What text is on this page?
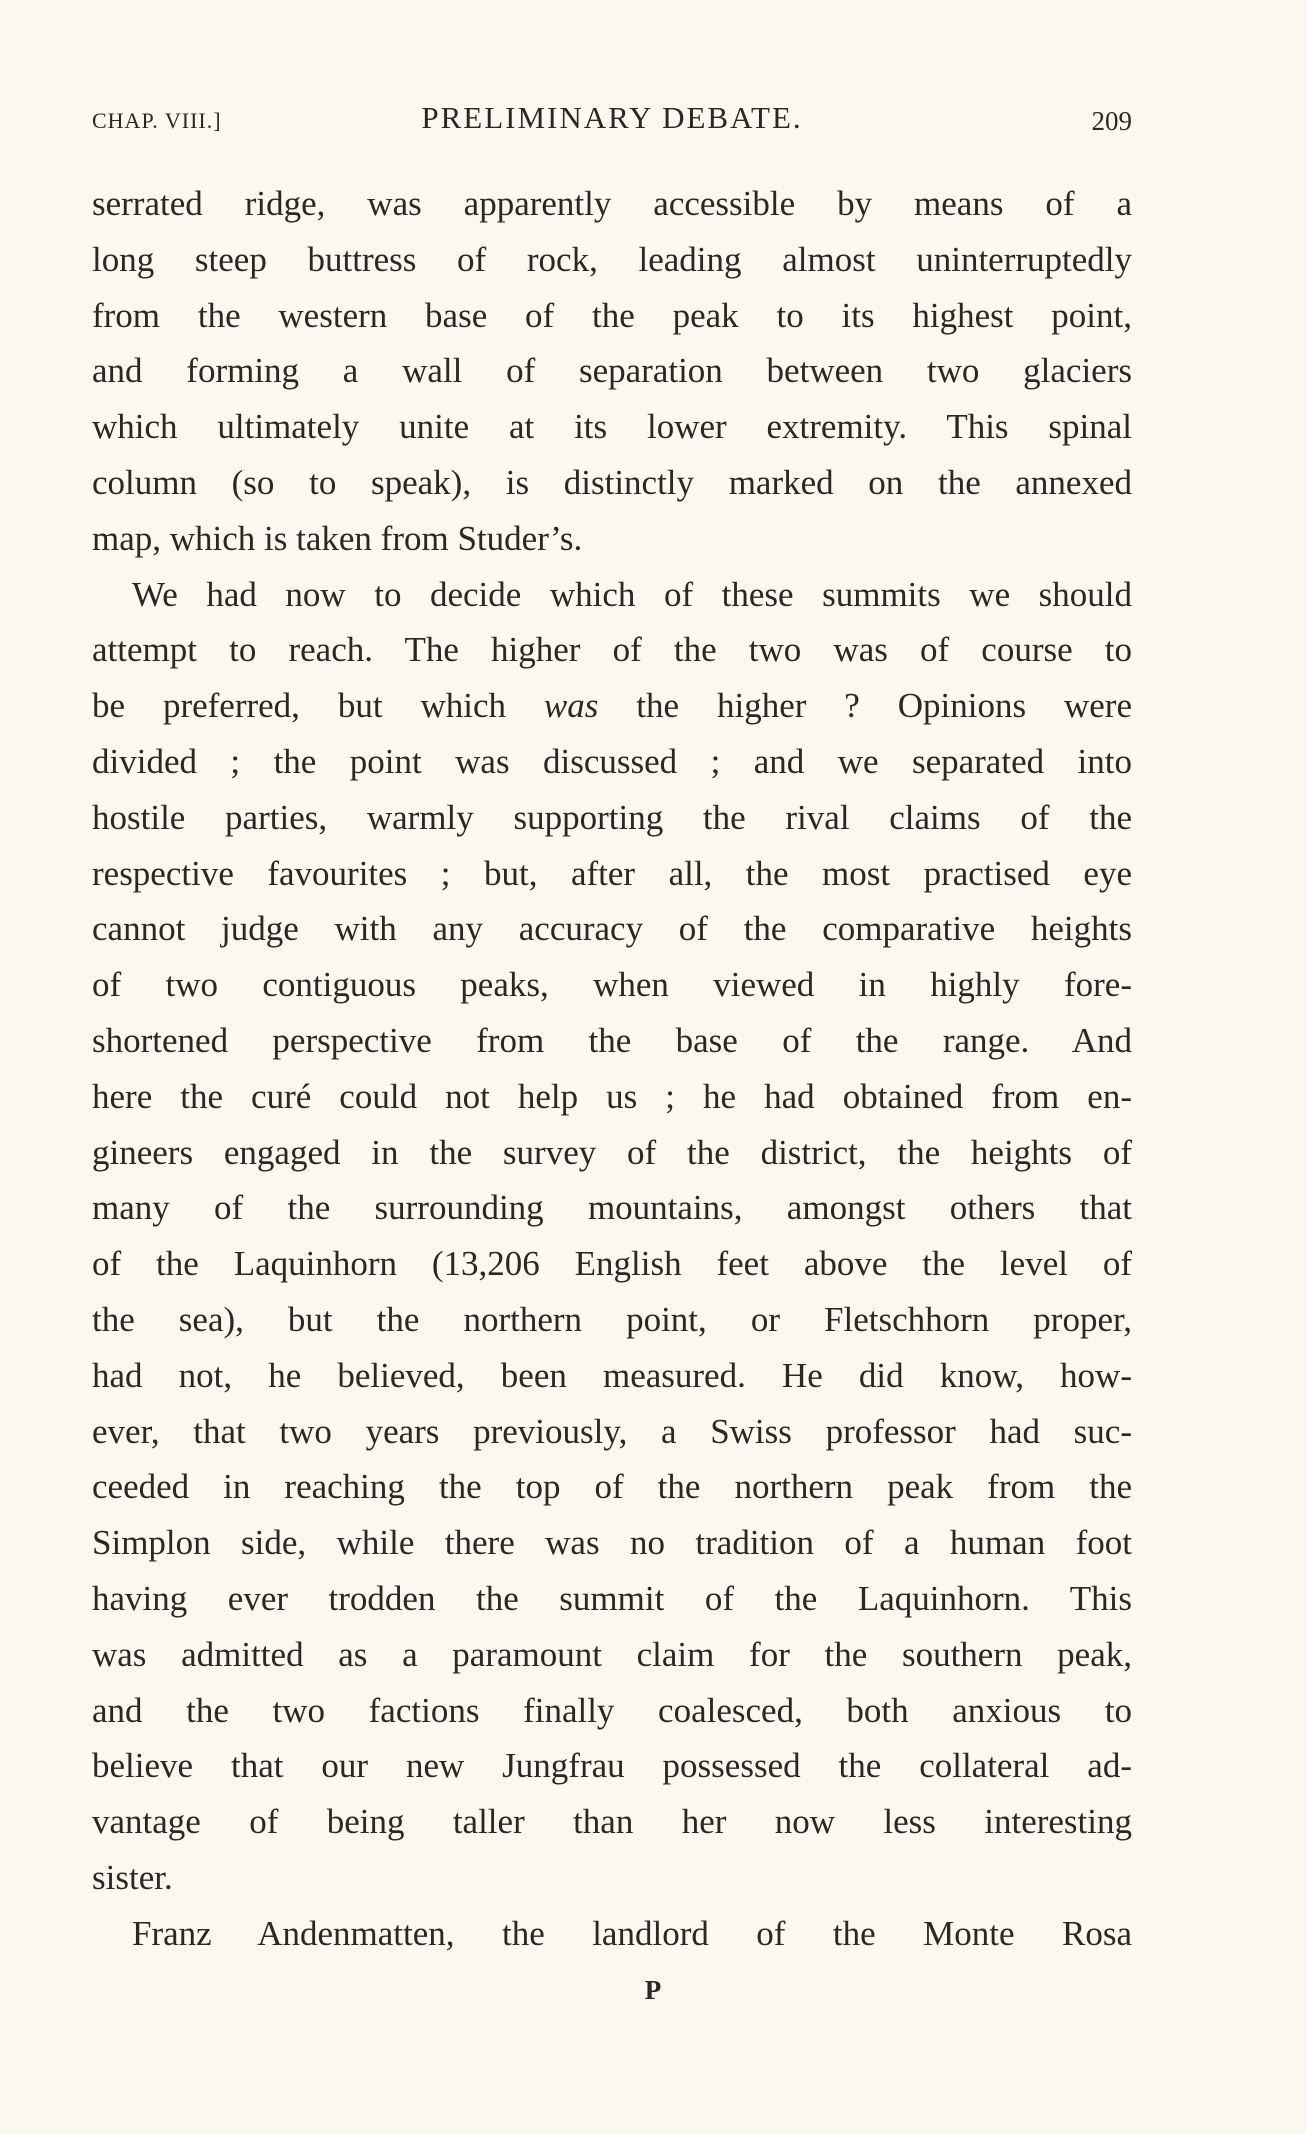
CHAP. VIII.]	PRELIMINARY DEBATE.	209
serrated ridge, was apparently accessible by means of a
long steep buttress of rock, leading almost uninterruptedly
from the western base of the peak to its highest point,
and forming a wall of separation between two glaciers
which ultimately unite at its lower extremity. This spinal
column (so to speak), is distinctly marked on the annexed
map, which is taken from Studer’s.
We had now to decide which of these summits we should
attempt to reach. The higher of the two was of course to
be preferred, but which was the higher ? Opinions were
divided ; the point was discussed ; and we separated into
hostile parties, warmly supporting the rival claims of the
respective favourites ; but, after all, the most practised eye
cannot judge with any accuracy of the comparative heights
of two contiguous peaks, when viewed in highly fore-
shortened perspective from the base of the range. And
here the curé could not help us ; he had obtained from en-
gineers engaged in the survey of the district, the heights of
many of the surrounding mountains, amongst others that
of the Laquinhorn (13,206 English feet above the level of
the sea), but the northern point, or Fletschhorn proper,
had not, he believed, been measured. He did know, how-
ever, that two years previously, a Swiss professor had suc-
ceeded in reaching the top of the northern peak from the
Simplon side, while there was no tradition of a human foot
having ever trodden the summit of the Laquinhorn. This
was admitted as a paramount claim for the southern peak,
and the two factions finally coalesced, both anxious to
believe that our new Jungfrau possessed the collateral ad-
vantage of being taller than her now less interesting
sister.
Franz Andenmatten, the landlord of the Monte Rosa
P
